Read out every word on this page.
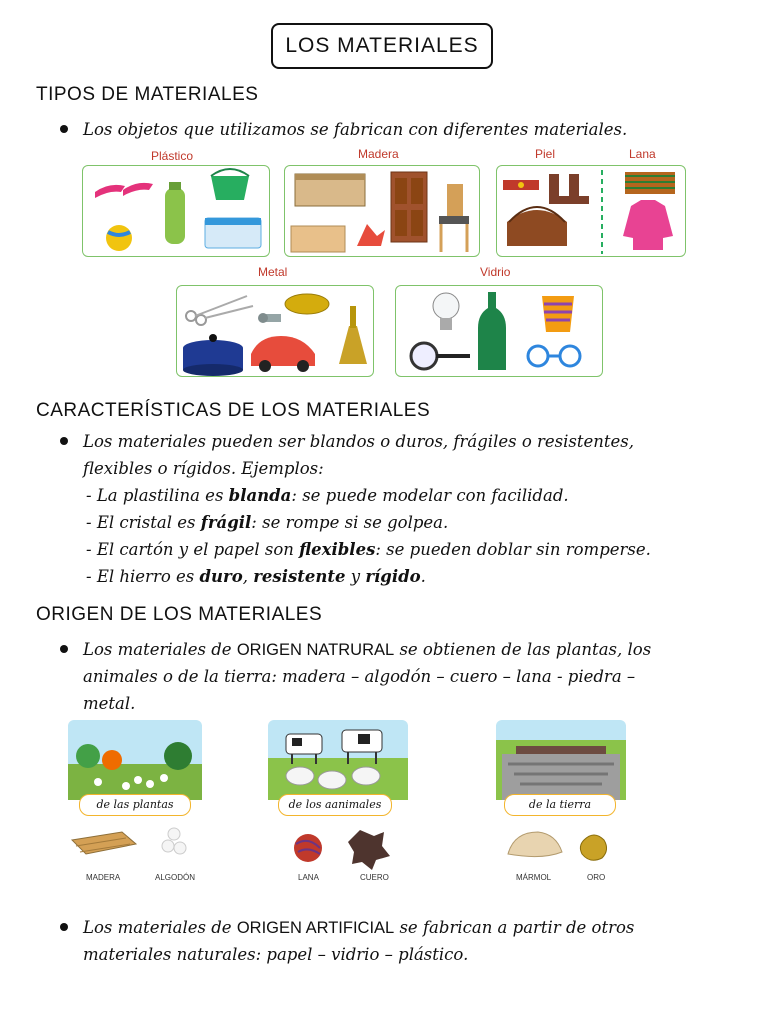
LOS MATERIALES
TIPOS DE MATERIALES
Los objetos que utilizamos se fabrican con diferentes materiales.
Plástico	Madera	Piel	Lana
Metal	Vidrio
CARACTERÍSTICAS DE LOS MATERIALES
Los materiales pueden ser blandos o duros, frágiles o resistentes,
flexibles o rígidos. Ejemplos:
- La plastilina es blanda: se puede modelar con facilidad.
- El cristal es frágil: se rompe si se golpea.
- El cartón y el papel son flexibles: se pueden doblar sin romperse.
- El hierro es duro, resistente y rígido.
ORIGEN DE LOS MATERIALES
Los materiales de ORIGEN NATRURAL se obtienen de las plantas, los
animales o de la tierra: madera – algodón – cuero – lana - piedra –
metal.
de las plantas
MADERA	ALGODÓN
de los aanimales
LANA	CUERO
de la tierra
MÁRMOL	ORO
Los materiales de ORIGEN ARTIFICIAL se fabrican a partir de otros
materiales naturales: papel – vidrio – plástico.
